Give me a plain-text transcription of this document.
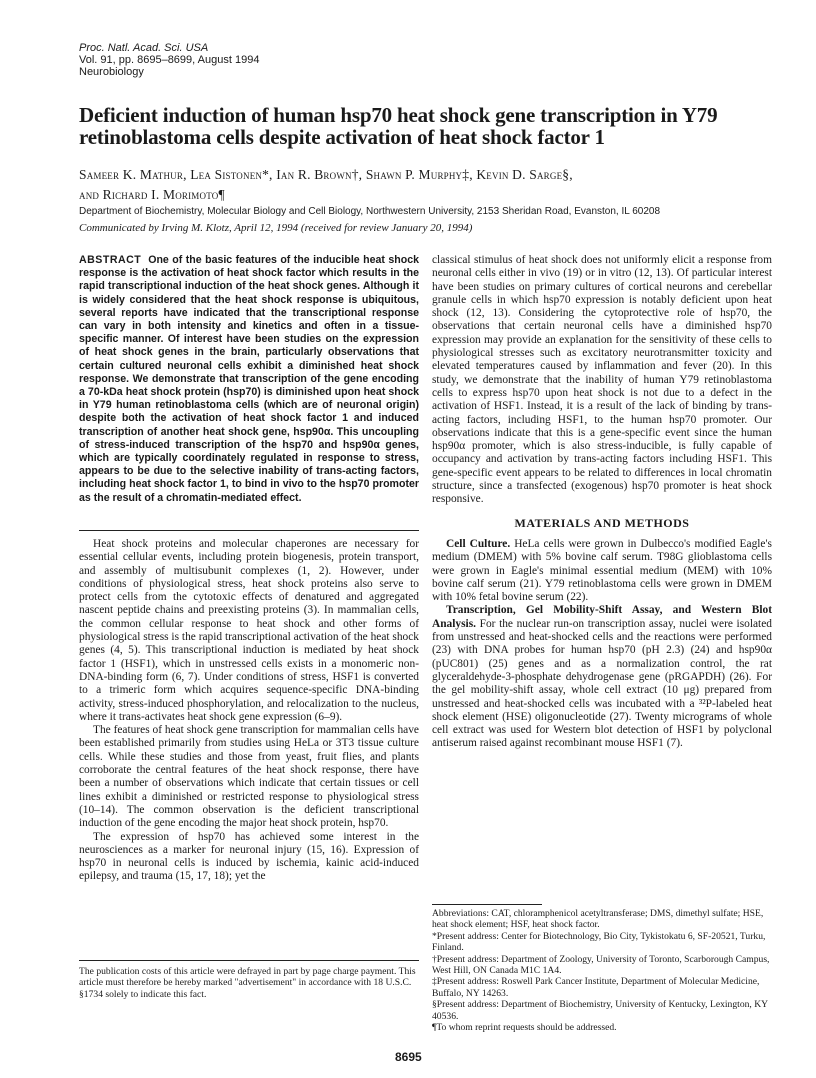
Proc. Natl. Acad. Sci. USA
Vol. 91, pp. 8695–8699, August 1994
Neurobiology
Deficient induction of human hsp70 heat shock gene transcription in Y79 retinoblastoma cells despite activation of heat shock factor 1
Sameer K. Mathur, Lea Sistonen*, Ian R. Brown†, Shawn P. Murphy‡, Kevin D. Sarge§,
and Richard I. Morimoto¶
Department of Biochemistry, Molecular Biology and Cell Biology, Northwestern University, 2153 Sheridan Road, Evanston, IL 60208
Communicated by Irving M. Klotz, April 12, 1994 (received for review January 20, 1994)
ABSTRACT One of the basic features of the inducible heat shock response is the activation of heat shock factor which results in the rapid transcriptional induction of the heat shock genes. Although it is widely considered that the heat shock response is ubiquitous, several reports have indicated that the transcriptional response can vary in both intensity and kinetics and often in a tissue-specific manner. Of interest have been studies on the expression of heat shock genes in the brain, particularly observations that certain cultured neuronal cells exhibit a diminished heat shock response. We demonstrate that transcription of the gene encoding a 70-kDa heat shock protein (hsp70) is diminished upon heat shock in Y79 human retinoblastoma cells (which are of neuronal origin) despite both the activation of heat shock factor 1 and induced transcription of another heat shock gene, hsp90α. This uncoupling of stress-induced transcription of the hsp70 and hsp90α genes, which are typically coordinately regulated in response to stress, appears to be due to the selective inability of trans-acting factors, including heat shock factor 1, to bind in vivo to the hsp70 promoter as the result of a chromatin-mediated effect.

Heat shock proteins and molecular chaperones are necessary for essential cellular events, including protein biogenesis, protein transport, and assembly of multisubunit complexes (1, 2). However, under conditions of physiological stress, heat shock proteins also serve to protect cells from the cytotoxic effects of denatured and aggregated nascent peptide chains and preexisting proteins (3). In mammalian cells, the common cellular response to heat shock and other forms of physiological stress is the rapid transcriptional activation of the heat shock genes (4, 5). This transcriptional induction is mediated by heat shock factor 1 (HSF1), which in unstressed cells exists in a monomeric non-DNA-binding form (6, 7). Under conditions of stress, HSF1 is converted to a trimeric form which acquires sequence-specific DNA-binding activity, stress-induced phosphorylation, and relocalization to the nucleus, where it trans-activates heat shock gene expression (6–9).

The features of heat shock gene transcription for mammalian cells have been established primarily from studies using HeLa or 3T3 tissue culture cells. While these studies and those from yeast, fruit flies, and plants corroborate the central features of the heat shock response, there have been a number of observations which indicate that certain tissues or cell lines exhibit a diminished or restricted response to physiological stress (10–14). The common observation is the deficient transcriptional induction of the gene encoding the major heat shock protein, hsp70.

The expression of hsp70 has achieved some interest in the neurosciences as a marker for neuronal injury (15, 16). Expression of hsp70 in neuronal cells is induced by ischemia, kainic acid-induced epilepsy, and trauma (15, 17, 18); yet the

The publication costs of this article were defrayed in part by page charge payment. This article must therefore be hereby marked "advertisement" in accordance with 18 U.S.C. §1734 solely to indicate this fact.
classical stimulus of heat shock does not uniformly elicit a response from neuronal cells either in vivo (19) or in vitro (12, 13). Of particular interest have been studies on primary cultures of cortical neurons and cerebellar granule cells in which hsp70 expression is notably deficient upon heat shock (12, 13). Considering the cytoprotective role of hsp70, the observations that certain neuronal cells have a diminished hsp70 expression may provide an explanation for the sensitivity of these cells to physiological stresses such as excitatory neurotransmitter toxicity and elevated temperatures caused by inflammation and fever (20). In this study, we demonstrate that the inability of human Y79 retinoblastoma cells to express hsp70 upon heat shock is not due to a defect in the activation of HSF1. Instead, it is a result of the lack of binding by trans-acting factors, including HSF1, to the human hsp70 promoter. Our observations indicate that this is a gene-specific event since the human hsp90α promoter, which is also stress-inducible, is fully capable of occupancy and activation by trans-acting factors including HSF1. This gene-specific event appears to be related to differences in local chromatin structure, since a transfected (exogenous) hsp70 promoter is heat shock responsive.
MATERIALS AND METHODS

Cell Culture. HeLa cells were grown in Dulbecco's modified Eagle's medium (DMEM) with 5% bovine calf serum. T98G glioblastoma cells were grown in Eagle's minimal essential medium (MEM) with 10% bovine calf serum (21). Y79 retinoblastoma cells were grown in DMEM with 10% fetal bovine serum (22).

Transcription, Gel Mobility-Shift Assay, and Western Blot Analysis. For the nuclear run-on transcription assay, nuclei were isolated from unstressed and heat-shocked cells and the reactions were performed (23) with DNA probes for human hsp70 (pH 2.3) (24) and hsp90α (pUC801) (25) genes and as a normalization control, the rat glyceraldehyde-3-phosphate dehydrogenase gene (pRGAPDH) (26). For the gel mobility-shift assay, whole cell extract (10 μg) prepared from unstressed and heat-shocked cells was incubated with a ³²P-labeled heat shock element (HSE) oligonucleotide (27). Twenty micrograms of whole cell extract was used for Western blot detection of HSF1 by polyclonal antiserum raised against recombinant mouse HSF1 (7).

Abbreviations: CAT, chloramphenicol acetyltransferase; DMS, dimethyl sulfate; HSE, heat shock element; HSF, heat shock factor.
*Present address: Center for Biotechnology, Bio City, Tykistokatu 6, SF-20521, Turku, Finland.
†Present address: Department of Zoology, University of Toronto, Scarborough Campus, West Hill, ON Canada M1C 1A4.
‡Present address: Roswell Park Cancer Institute, Department of Molecular Medicine, Buffalo, NY 14263.
§Present address: Department of Biochemistry, University of Kentucky, Lexington, KY 40536.
¶To whom reprint requests should be addressed.
8695
